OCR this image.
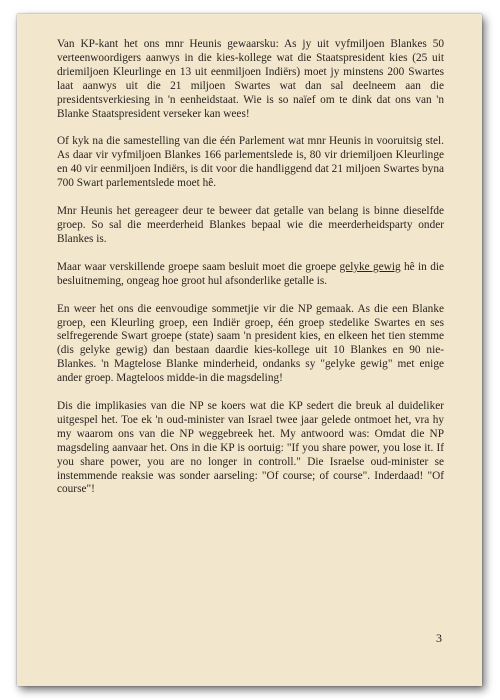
Van KP-kant het ons mnr Heunis gewaarsku: As jy uit vyfmiljoen Blankes 50 verteenwoordigers aanwys in die kies-kollege wat die Staatspresident kies (25 uit driemiljoen Kleurlinge en 13 uit eenmiljoen Indiërs) moet jy minstens 200 Swartes laat aanwys uit die 21 miljoen Swartes wat dan sal deelneem aan die presidentsverkiesing in 'n eenheidstaat. Wie is so naïef om te dink dat ons van 'n Blanke Staatspresident verseker kan wees!

Of kyk na die samestelling van die één Parlement wat mnr Heunis in vooruitsig stel. As daar vir vyfmiljoen Blankes 166 parlementslede is, 80 vir driemiljoen Kleurlinge en 40 vir eenmiljoen Indiërs, is dit voor die handliggend dat 21 miljoen Swartes byna 700 Swart parlementslede moet hê.

Mnr Heunis het gereageer deur te beweer dat getalle van belang is binne dieselfde groep. So sal die meerderheid Blankes bepaal wie die meerderheidsparty onder Blankes is.

Maar waar verskillende groepe saam besluit moet die groepe gelyke gewig hê in die besluitneming, ongeag hoe groot hul afsonderlike getalle is.

En weer het ons die eenvoudige sommetjie vir die NP gemaak. As die een Blanke groep, een Kleurling groep, een Indiër groep, één groep stedelike Swartes en ses selfregerende Swart groepe (state) saam 'n president kies, en elkeen het tien stemme (dis gelyke gewig) dan bestaan daardie kies-kollege uit 10 Blankes en 90 nie-Blankes. 'n Magtelose Blanke minderheid, ondanks sy "gelyke gewig" met enige ander groep. Magteloos midde-in die magsdeling!

Dis die implikasies van die NP se koers wat die KP sedert die breuk al duideliker uitgespel het. Toe ek 'n oud-minister van Israel twee jaar gelede ontmoet het, vra hy my waarom ons van die NP weggebreek het. My antwoord was: Omdat die NP magsdeling aanvaar het. Ons in die KP is oortuig: "If you share power, you lose it. If you share power, you are no longer in controll." Die Israelse oud-minister se instemmende reaksie was sonder aarseling: "Of course; of course". Inderdaad! "Of course"!

3
